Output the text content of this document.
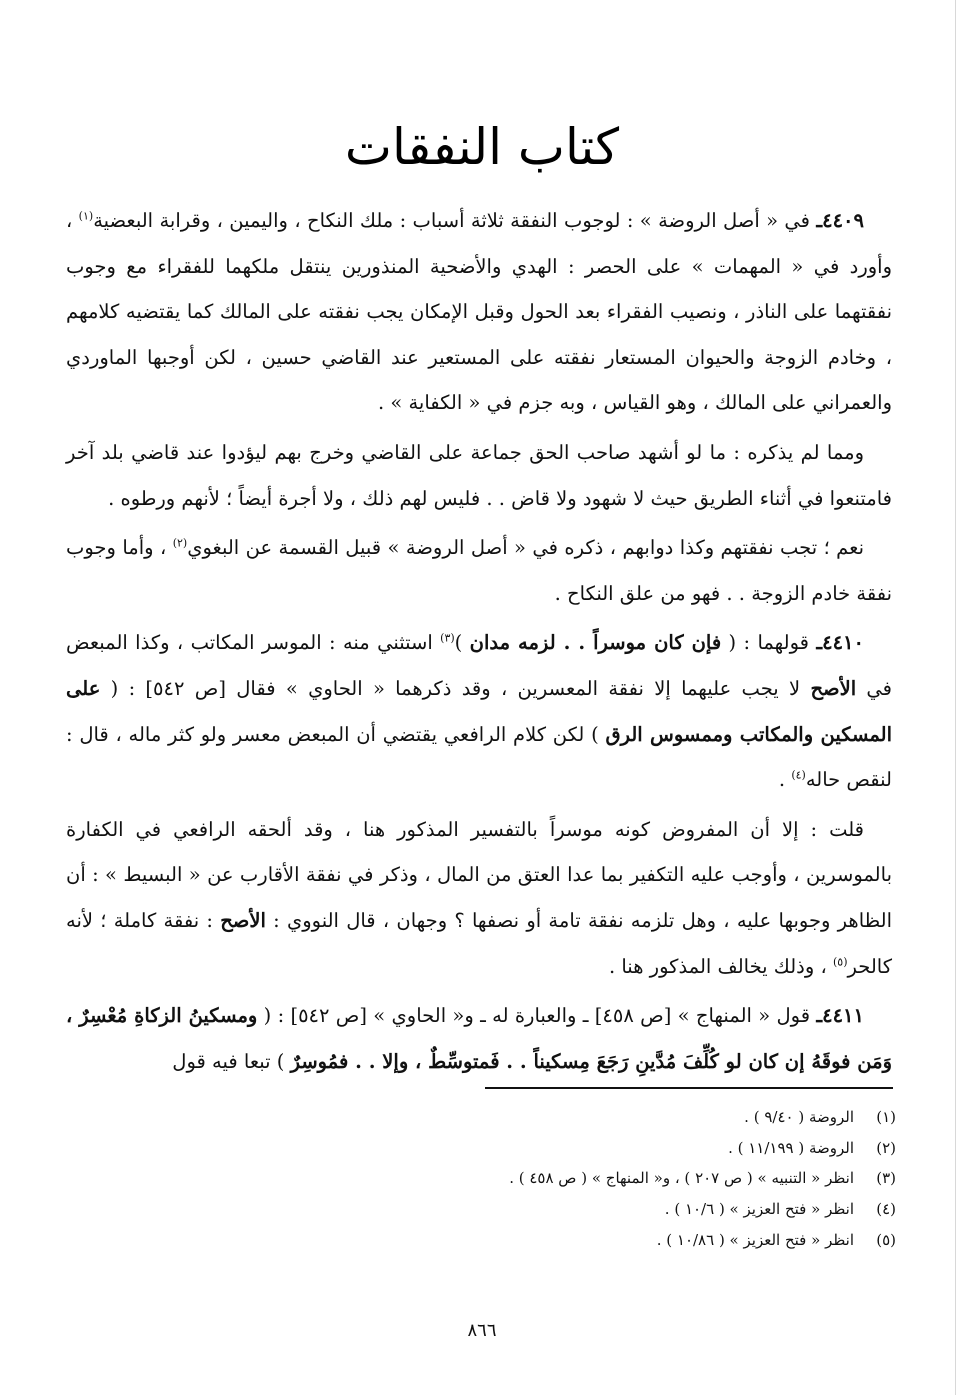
كتاب النفقات

٤٤٠٩ـ في « أصل الروضة » : لوجوب النفقة ثلاثة أسباب : ملك النكاح ، واليمين ، وقرابة البعضية$^{(١)}$ ، وأورد في « المهمات » على الحصر : الهدي والأضحية المنذورين ينتقل ملكهما للفقراء مع وجوب نفقتهما على الناذر ، ونصيب الفقراء بعد الحول وقبل الإمكان يجب نفقته على المالك كما يقتضيه كلامهم ، وخادم الزوجة والحيوان المستعار نفقته على المستعير عند القاضي حسين ، لكن أوجبها الماوردي والعمراني على المالك ، وهو القياس ، وبه جزم في « الكفاية » .

ومما لم يذكره : ما لو أشهد صاحب الحق جماعة على القاضي وخرج بهم ليؤدوا عند قاضي بلد آخر فامتنعوا في أثناء الطريق حيث لا شهود ولا قاض . . فليس لهم ذلك ، ولا أجرة أيضاً ؛ لأنهم ورطوه .

نعم ؛ تجب نفقتهم وكذا دوابهم ، ذكره في « أصل الروضة » قبيل القسمة عن البغوي$^{(٢)}$ ، وأما وجوب نفقة خادم الزوجة . . فهو من علق النكاح .

٤٤١٠ـ قولهما : ( فإن كان موسراً . . لزمه مدان )$^{(٣)}$ استثني منه : الموسر المكاتب ، وكذا المبعض في الأصح لا يجب عليهما إلا نفقة المعسرين ، وقد ذكرهما « الحاوي » فقال [ص ٥٤٢] : ( على المسكين والمكاتب وممسوس الرق ) لكن كلام الرافعي يقتضي أن المبعض معسر ولو كثر ماله ، قال : لنقص حاله$^{(٤)}$ .

قلت : إلا أن المفروض كونه موسراً بالتفسير المذكور هنا ، وقد ألحقه الرافعي في الكفارة بالموسرين ، وأوجب عليه التكفير بما عدا العتق من المال ، وذكر في نفقة الأقارب عن « البسيط » : أن الظاهر وجوبها عليه ، وهل تلزمه نفقة تامة أو نصفها ؟ وجهان ، قال النووي : الأصح : نفقة كاملة ؛ لأنه كالحر$^{(٥)}$ ، وذلك يخالف المذكور هنا .

٤٤١١ـ قول « المنهاج » [ص ٤٥٨] ـ والعبارة له ـ و« الحاوي » [ص ٥٤٢] : ( ومسكينُ الزكاةِ مُعْسِرٌ ، وَمَن فوقَهُ إن كان لو كُلِّفَ مُدَّينِ رَجَعَ مِسكيناً . . فَمتوسِّطٌ ، وإلا . . فمُوسِرٌ ) تبعا فيه قول

(١)
الروضة ( ٩/٤٠ ) .
(٢)
الروضة ( ١١/١٩٩ ) .
(٣)
انظر « التنبيه » ( ص ٢٠٧ ) ، و« المنهاج » ( ص ٤٥٨ ) .
(٤)
انظر « فتح العزيز » ( ١٠/٦ ) .
(٥)
انظر « فتح العزيز » ( ١٠/٨٦ ) .
٨٦٦
